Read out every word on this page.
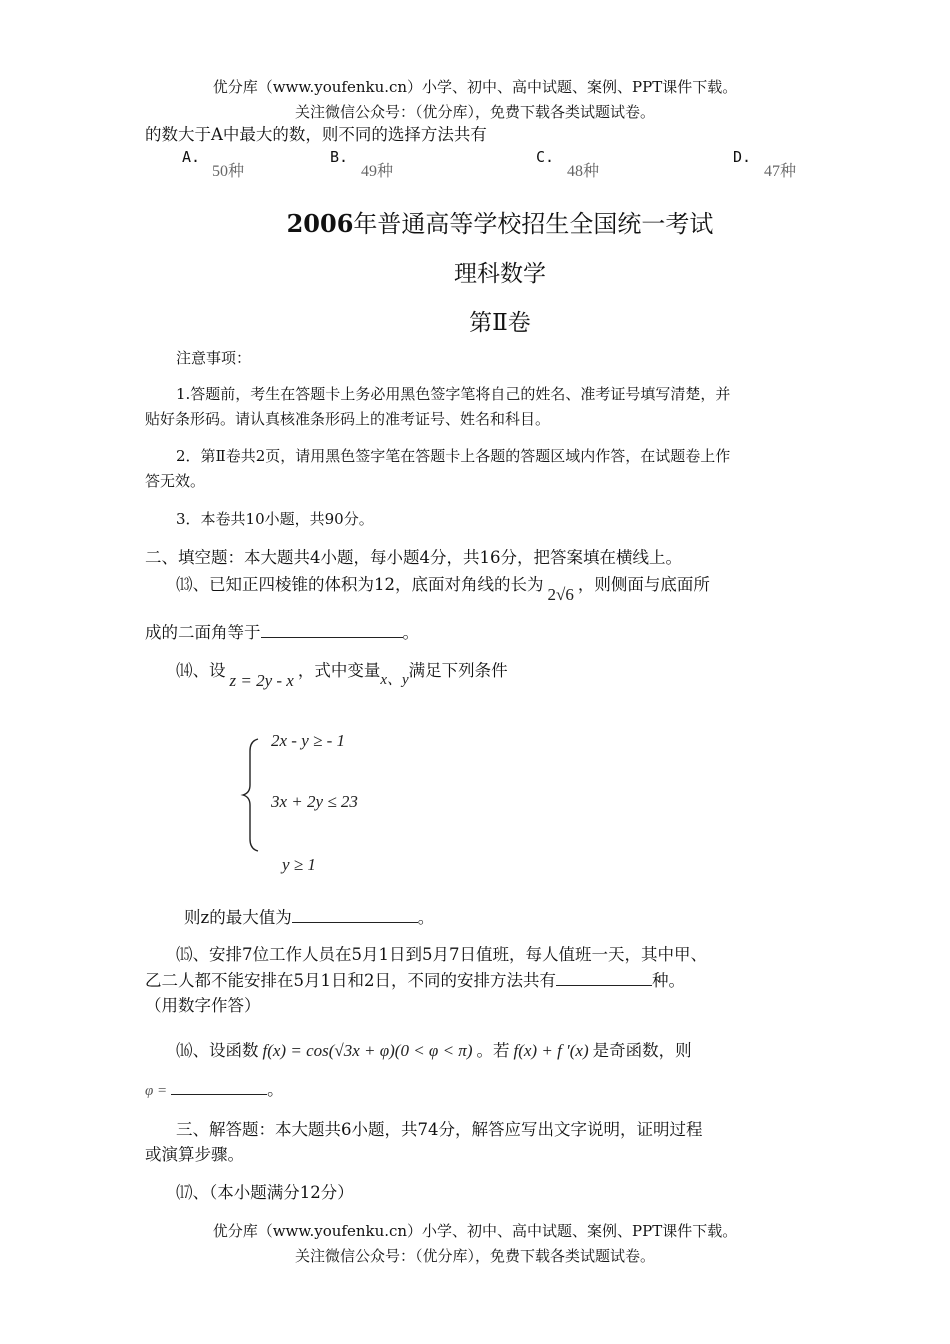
优分库（www.youfenku.cn）小学、初中、高中试题、案例、PPT课件下载。
关注微信公众号：（优分库），免费下载各类试题试卷。
的数大于A中最大的数，则不同的选择方法共有
A.
50种
B.
49种
C.
48种
D.
47种
2006年普通高等学校招生全国统一考试
理科数学
第Ⅱ卷
注意事项：
1.答题前，考生在答题卡上务必用黑色签字笔将自己的姓名、准考证号填写清楚，并
贴好条形码。请认真核准条形码上的准考证号、姓名和科目。
2．第Ⅱ卷共2页，请用黑色签字笔在答题卡上各题的答题区域内作答，在试题卷上作
答无效。
3．本卷共10小题，共90分。
二、填空题：本大题共4小题，每小题4分，共16分，把答案填在横线上。
⒀、已知正四棱锥的体积为12，底面对角线的长为2√6，则侧面与底面所
成的二面角等于	。
⒁、设z = 2y - x，式中变量x、y满足下列条件
2x - y ≥ - 1
3x + 2y ≤ 23
y ≥ 1
则z的最大值为	。
⒂、安排7位工作人员在5月1日到5月7日值班，每人值班一天，其中甲、
乙二人都不能安排在5月1日和2日，不同的安排方法共有	种。
（用数字作答）
⒃、设函数 f(x) = cos(√3x + φ)(0 < φ < π) 。若 f(x) + f ′(x) 是奇函数，则
φ =	。
三、解答题：本大题共6小题，共74分，解答应写出文字说明，证明过程
或演算步骤。
⒄、（本小题满分12分）
优分库（www.youfenku.cn）小学、初中、高中试题、案例、PPT课件下载。
关注微信公众号：（优分库），免费下载各类试题试卷。
